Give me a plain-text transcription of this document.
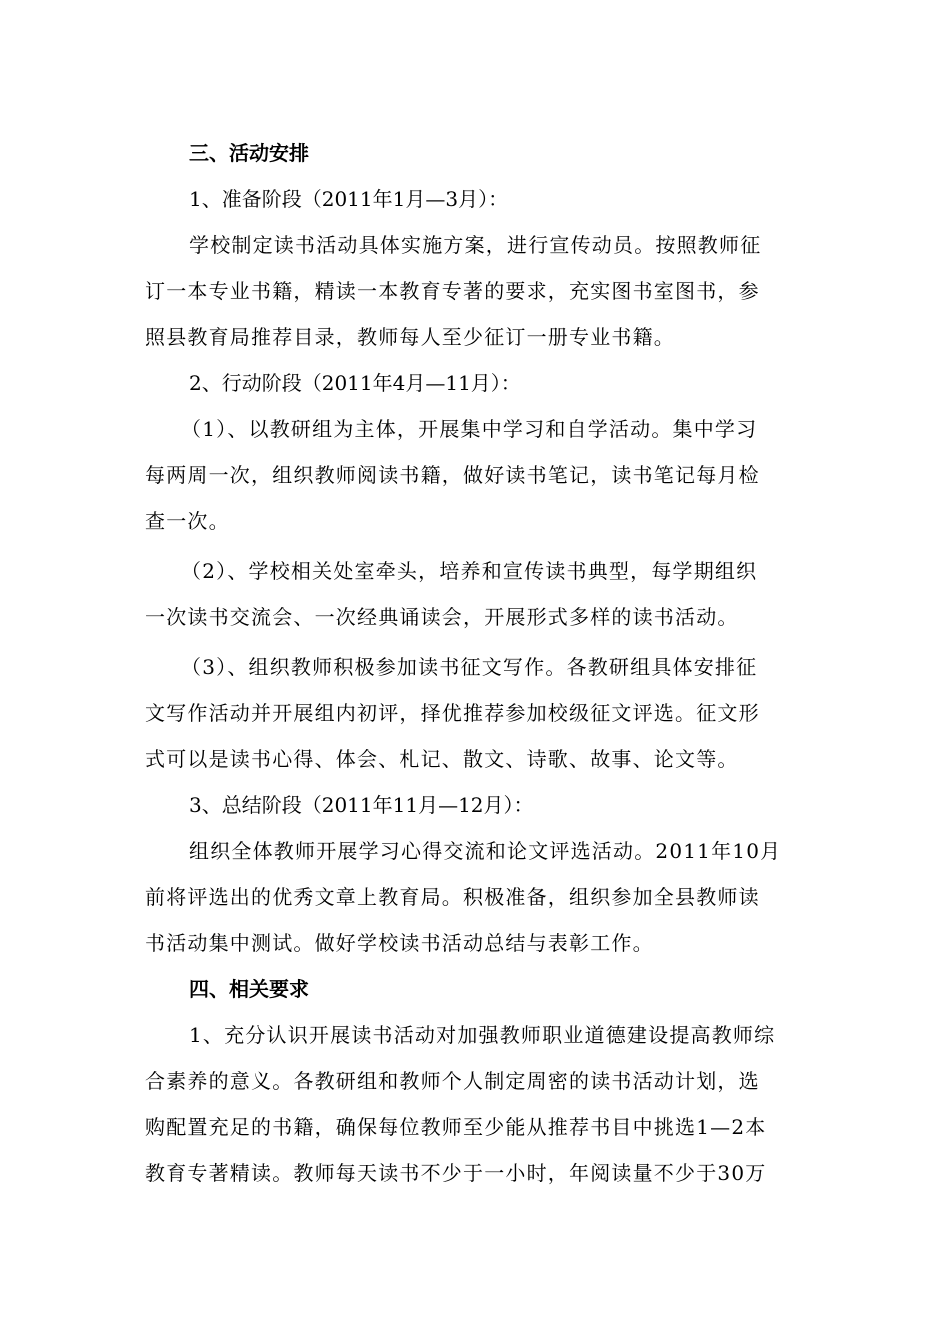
三、活动安排

1、准备阶段（2011年1月—3月）：

学校制定读书活动具体实施方案，进行宣传动员。按照教师征
订一本专业书籍，精读一本教育专著的要求，充实图书室图书，参
照县教育局推荐目录，教师每人至少征订一册专业书籍。

2、行动阶段（2011年4月—11月）：

（1）、以教研组为主体，开展集中学习和自学活动。集中学习
每两周一次，组织教师阅读书籍，做好读书笔记，读书笔记每月检
查一次。
（2）、学校相关处室牵头，培养和宣传读书典型，每学期组织
一次读书交流会、一次经典诵读会，开展形式多样的读书活动。
（3）、组织教师积极参加读书征文写作。各教研组具体安排征
文写作活动并开展组内初评，择优推荐参加校级征文评选。征文形
式可以是读书心得、体会、札记、散文、诗歌、故事、论文等。

3、总结阶段（2011年11月—12月）：

组织全体教师开展学习心得交流和论文评选活动。2011年10月
前将评选出的优秀文章上教育局。积极准备，组织参加全县教师读
书活动集中测试。做好学校读书活动总结与表彰工作。

四、相关要求

1、充分认识开展读书活动对加强教师职业道德建设提高教师综
合素养的意义。各教研组和教师个人制定周密的读书活动计划，选
购配置充足的书籍，确保每位教师至少能从推荐书目中挑选1—2本
教育专著精读。教师每天读书不少于一小时，年阅读量不少于30万
